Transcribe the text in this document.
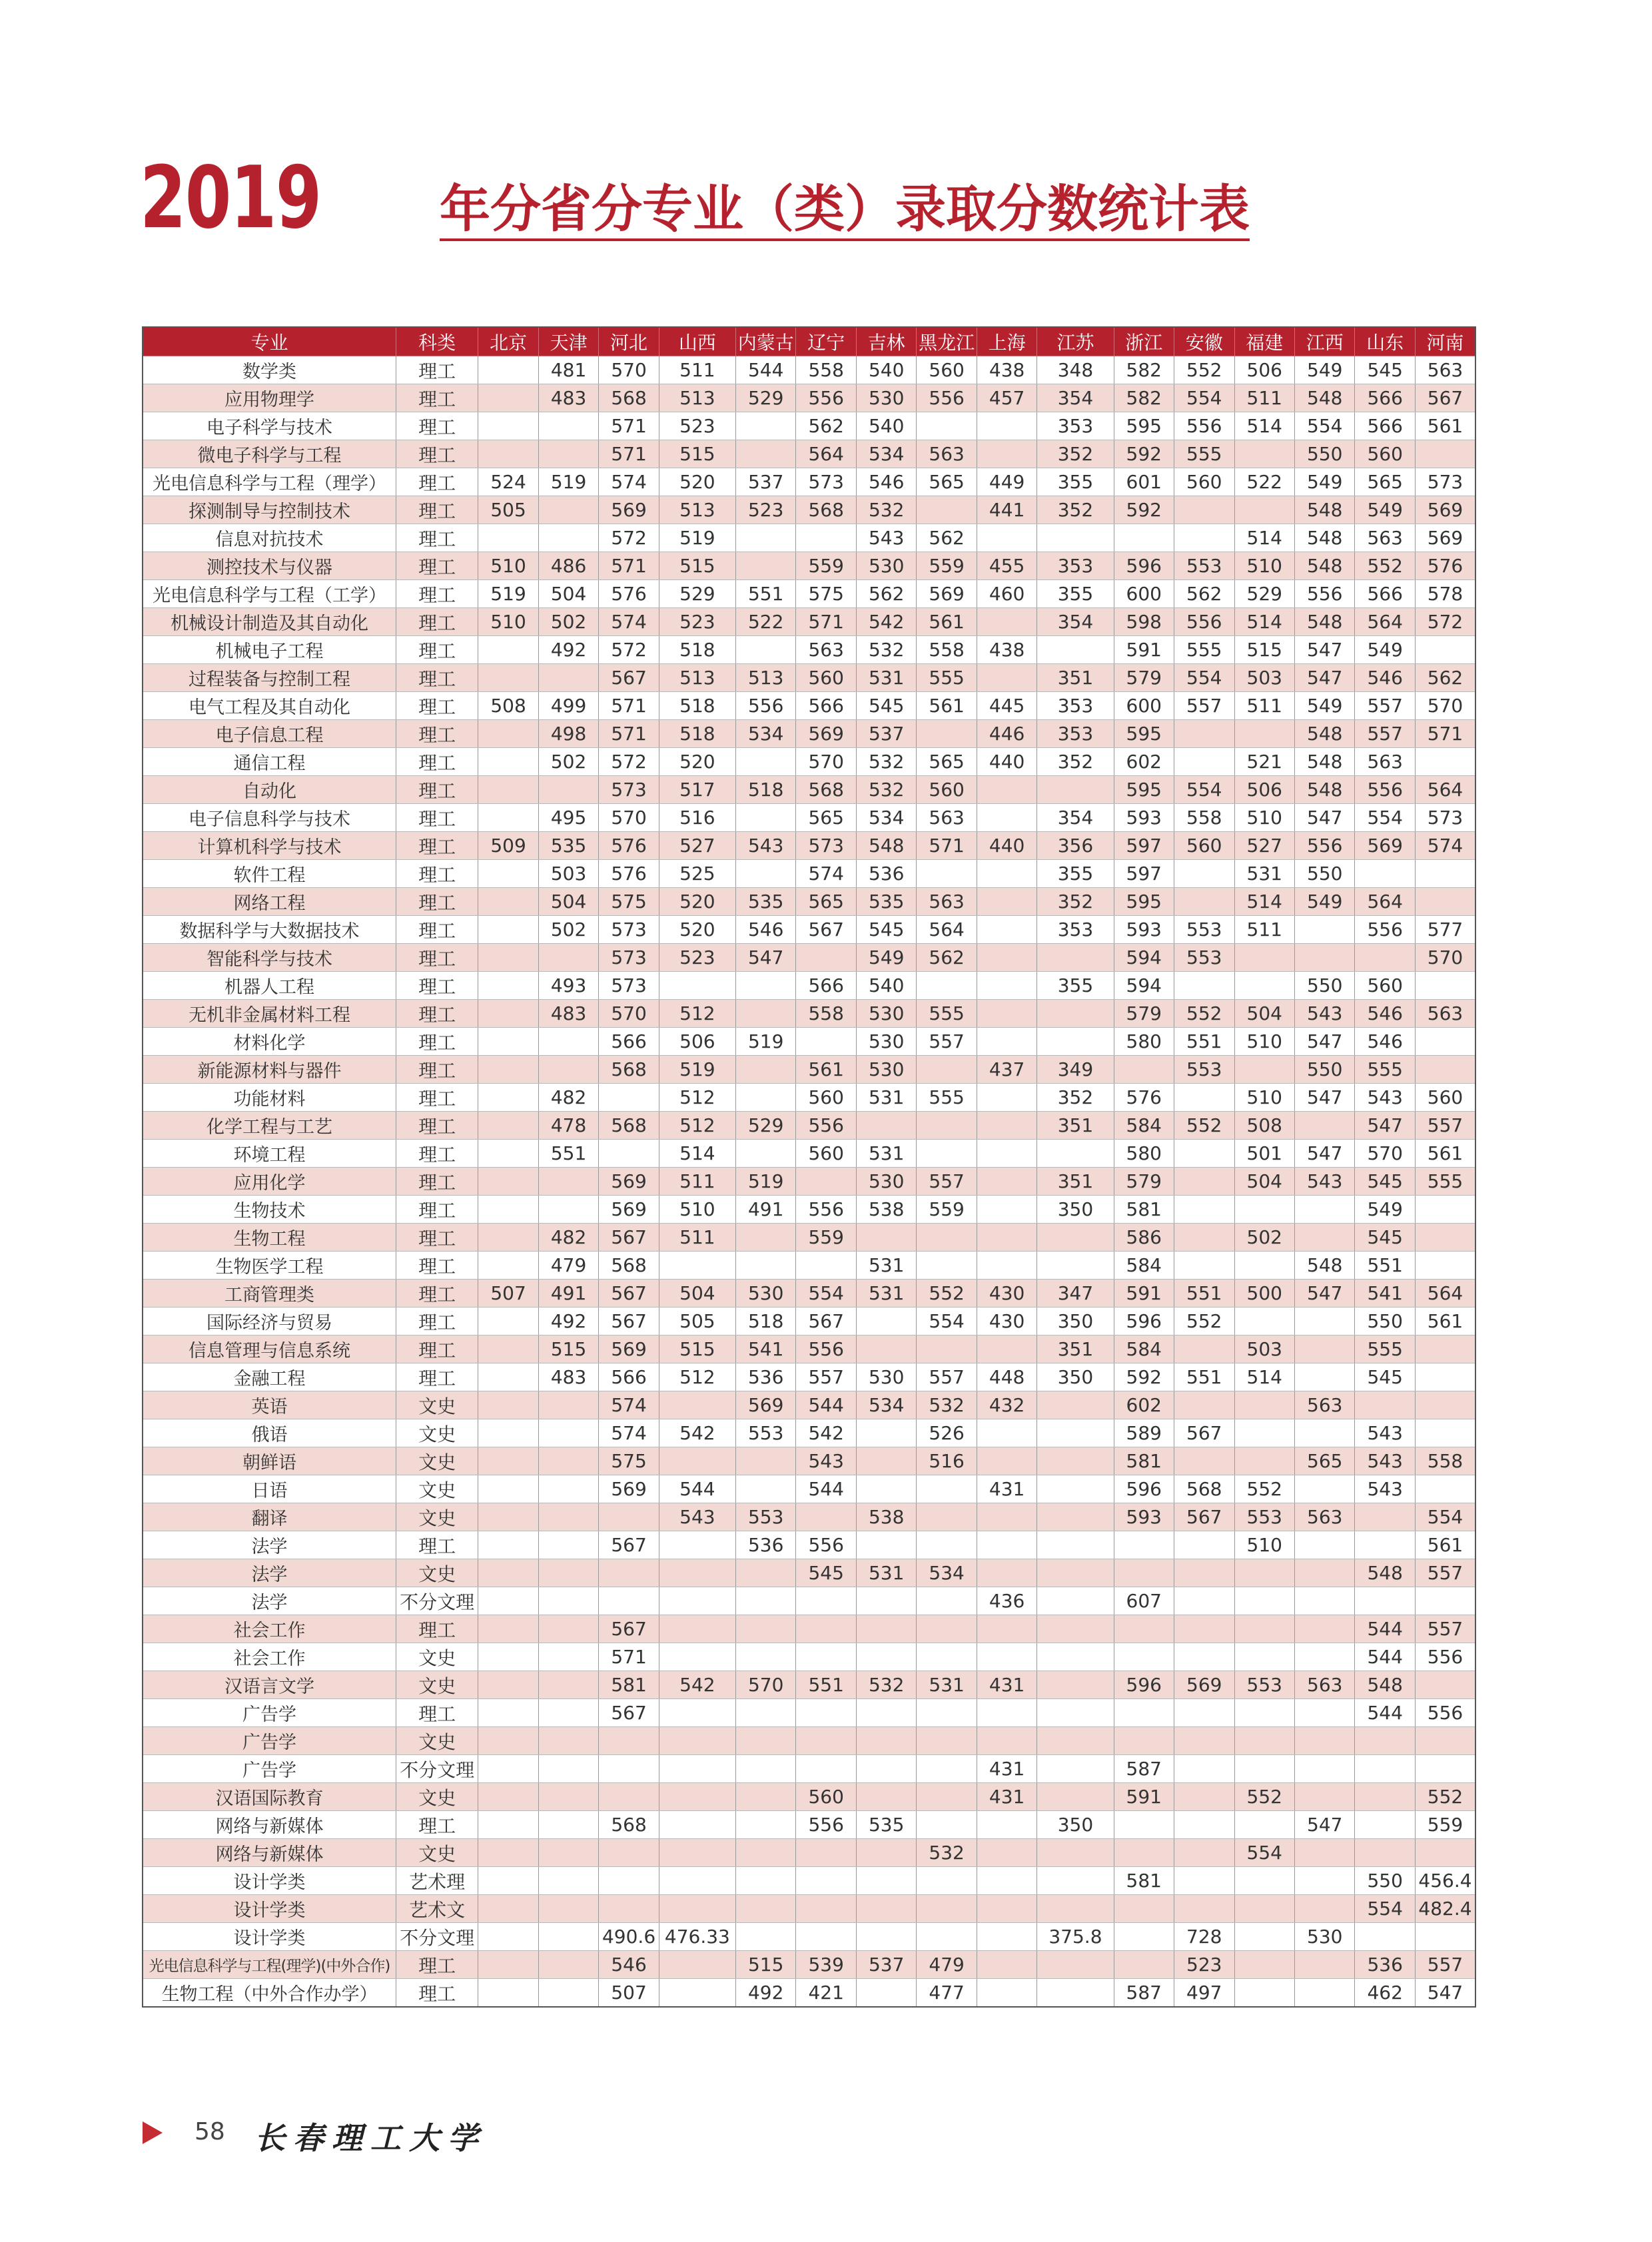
2019 年分省分专业（类）录取分数统计表
专业	科类	北京	天津	河北	山西	内蒙古	辽宁	吉林	黑龙江	上海	江苏	浙江	安徽	福建	江西	山东	河南
数学类	理工		481	570	511	544	558	540	560	438	348	582	552	506	549	545	563
应用物理学	理工		483	568	513	529	556	530	556	457	354	582	554	511	548	566	567
电子科学与技术	理工			571	523		562	540			353	595	556	514	554	566	561
微电子科学与工程	理工			571	515		564	534	563		352	592	555		550	560	
光电信息科学与工程（理学）	理工	524	519	574	520	537	573	546	565	449	355	601	560	522	549	565	573
探测制导与控制技术	理工	505		569	513	523	568	532		441	352	592			548	549	569
信息对抗技术	理工			572	519			543	562					514	548	563	569
测控技术与仪器	理工	510	486	571	515		559	530	559	455	353	596	553	510	548	552	576
光电信息科学与工程（工学）	理工	519	504	576	529	551	575	562	569	460	355	600	562	529	556	566	578
机械设计制造及其自动化	理工	510	502	574	523	522	571	542	561		354	598	556	514	548	564	572
机械电子工程	理工		492	572	518		563	532	558	438		591	555	515	547	549	
过程装备与控制工程	理工			567	513	513	560	531	555		351	579	554	503	547	546	562
电气工程及其自动化	理工	508	499	571	518	556	566	545	561	445	353	600	557	511	549	557	570
电子信息工程	理工		498	571	518	534	569	537		446	353	595			548	557	571
通信工程	理工		502	572	520		570	532	565	440	352	602		521	548	563	
自动化	理工			573	517	518	568	532	560			595	554	506	548	556	564
电子信息科学与技术	理工		495	570	516		565	534	563		354	593	558	510	547	554	573
计算机科学与技术	理工	509	535	576	527	543	573	548	571	440	356	597	560	527	556	569	574
软件工程	理工		503	576	525		574	536			355	597		531	550		
网络工程	理工		504	575	520	535	565	535	563		352	595		514	549	564	
数据科学与大数据技术	理工		502	573	520	546	567	545	564		353	593	553	511		556	577
智能科学与技术	理工			573	523	547		549	562			594	553				570
机器人工程	理工		493	573			566	540			355	594			550	560	
无机非金属材料工程	理工		483	570	512		558	530	555			579	552	504	543	546	563
材料化学	理工			566	506	519		530	557			580	551	510	547	546	
新能源材料与器件	理工			568	519		561	530		437	349		553		550	555	
功能材料	理工		482		512		560	531	555		352	576		510	547	543	560
化学工程与工艺	理工		478	568	512	529	556				351	584	552	508		547	557
环境工程	理工		551		514		560	531				580		501	547	570	561
应用化学	理工			569	511	519		530	557		351	579		504	543	545	555
生物技术	理工			569	510	491	556	538	559		350	581				549	
生物工程	理工		482	567	511		559					586		502		545	
生物医学工程	理工		479	568				531				584			548	551	
工商管理类	理工	507	491	567	504	530	554	531	552	430	347	591	551	500	547	541	564
国际经济与贸易	理工		492	567	505	518	567		554	430	350	596	552			550	561
信息管理与信息系统	理工		515	569	515	541	556				351	584		503		555	
金融工程	理工		483	566	512	536	557	530	557	448	350	592	551	514		545	
英语	文史			574		569	544	534	532	432		602			563		
俄语	文史			574	542	553	542		526			589	567			543	
朝鲜语	文史			575			543		516			581			565	543	558
日语	文史			569	544		544			431		596	568	552		543	
翻译	文史				543	553		538				593	567	553	563		554
法学	理工			567		536	556							510			561
法学	文史						545	531	534							548	557
法学	不分文理									436		607					
社会工作	理工			567												544	557
社会工作	文史			571												544	556
汉语言文学	文史			581	542	570	551	532	531	431		596	569	553	563	548	
广告学	理工			567												544	556
广告学	文史																
广告学	不分文理									431		587					
汉语国际教育	文史						560			431		591		552			552
网络与新媒体	理工			568			556	535			350				547		559
网络与新媒体	文史								532					554			
设计学类	艺术理											581				550	456.4
设计学类	艺术文															554	482.4
设计学类	不分文理			490.6	476.33						375.8		728		530		
光电信息科学与工程(理学)(中外合作)	理工			546		515	539	537	479				523			536	557
生物工程（中外合作办学）	理工			507		492	421		477			587	497			462	547
58 长春理工大学
